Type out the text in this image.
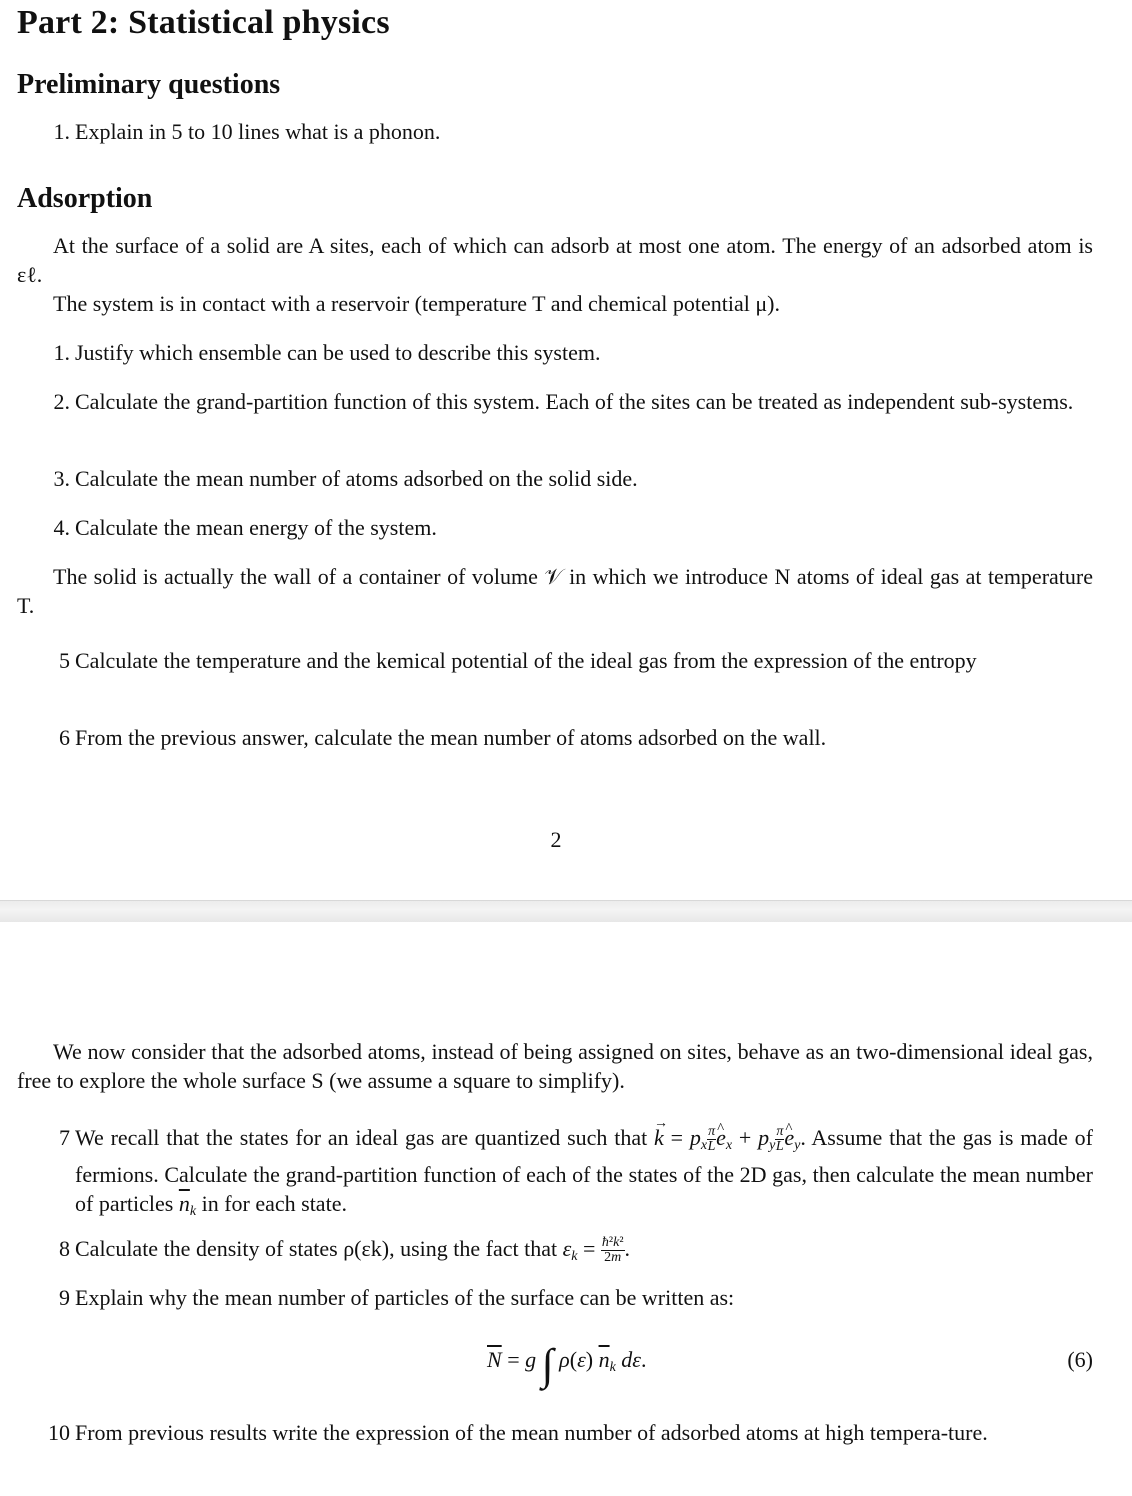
Part 2: Statistical physics
Preliminary questions
1. Explain in 5 to 10 lines what is a phonon.
Adsorption
At the surface of a solid are A sites, each of which can adsorb at most one atom. The energy of an adsorbed atom is εℓ.
The system is in contact with a reservoir (temperature T and chemical potential μ).
1. Justify which ensemble can be used to describe this system.
2. Calculate the grand-partition function of this system. Each of the sites can be treated as independent sub-systems.
3. Calculate the mean number of atoms adsorbed on the solid side.
4. Calculate the mean energy of the system.
The solid is actually the wall of a container of volume 𝒱 in which we introduce N atoms of ideal gas at temperature T.
5 Calculate the temperature and the kemical potential of the ideal gas from the expression of the entropy
6 From the previous answer, calculate the mean number of atoms adsorbed on the wall.
2
We now consider that the adsorbed atoms, instead of being assigned on sites, behave as an two-dimensional ideal gas, free to explore the whole surface S (we assume a square to simplify).
7 We recall that the states for an ideal gas are quantized such that → $k = p_x \frac{\pi}{L}$ ^ $e_x + p_y \frac{\pi}{L}$ ^ $e_y$. Assume that the gas is made of fermions. Calculate the grand-partition function of each of the states of the 2D gas, then calculate the mean number of particles $\overline{n}_k$ in for each state.
8 Calculate the density of states ρ(εk), using the fact that $\varepsilon_k = \frac{\text{ħ²k²}}{2m}$ .
9 Explain why the mean number of particles of the surface can be written as:
$\overline{N} = g$ ∫ ρ(ε) $\overline{n}_k$ dε.	(6)
10 From previous results write the expression of the mean number of adsorbed atoms at high tempera-ture.
